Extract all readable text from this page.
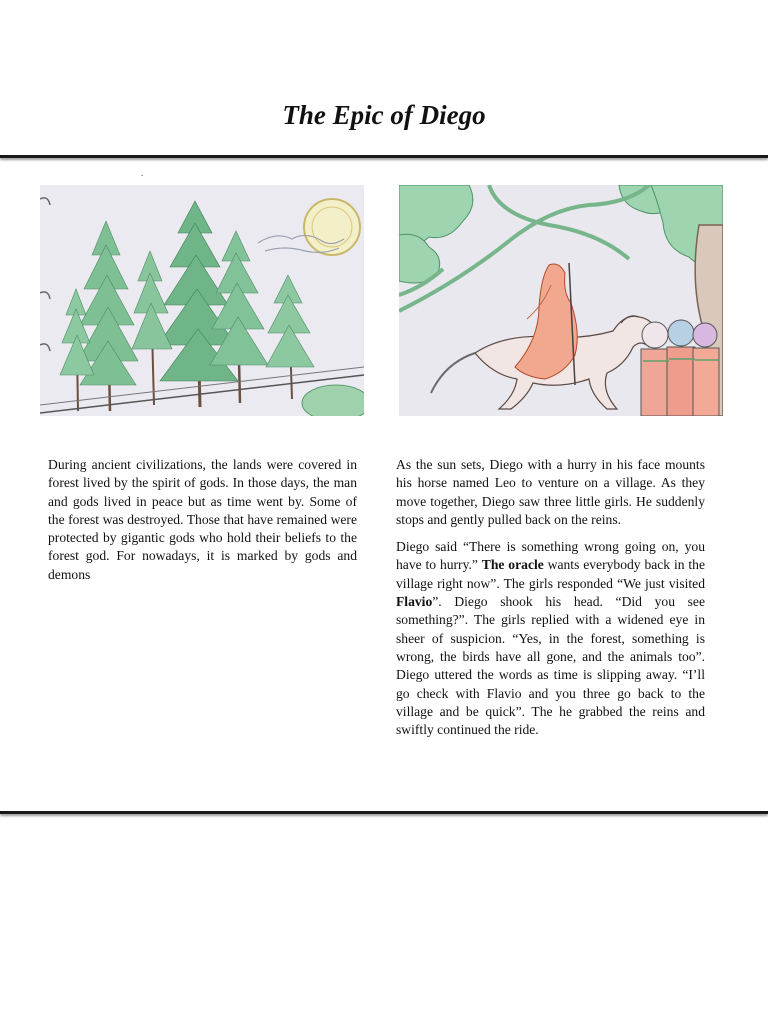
The Epic of Diego
.

During ancient civilizations, the lands were covered in forest lived by the spirit of gods. In those days, the man and gods lived in peace but as time went by. Some of the forest was destroyed. Those that have remained were protected by gigantic gods who hold their beliefs to the forest god. For nowadays, it is marked by gods and demons

As the sun sets, Diego with a hurry in his face mounts his horse named Leo to venture on a village. As they move together, Diego saw three little girls. He suddenly stops and gently pulled back on the reins.

Diego said “There is something wrong going on, you have to hurry.” The oracle wants everybody back in the village right now”. The girls responded “We just visited Flavio”. Diego shook his head. “Did you see something?”. The girls replied with a widened eye in sheer of suspicion. “Yes, in the forest, something is wrong, the birds have all gone, and the animals too”. Diego uttered the words as time is slipping away. “I’ll go check with Flavio and you three go back to the village and be quick”. The he grabbed the reins and swiftly continued the ride.
